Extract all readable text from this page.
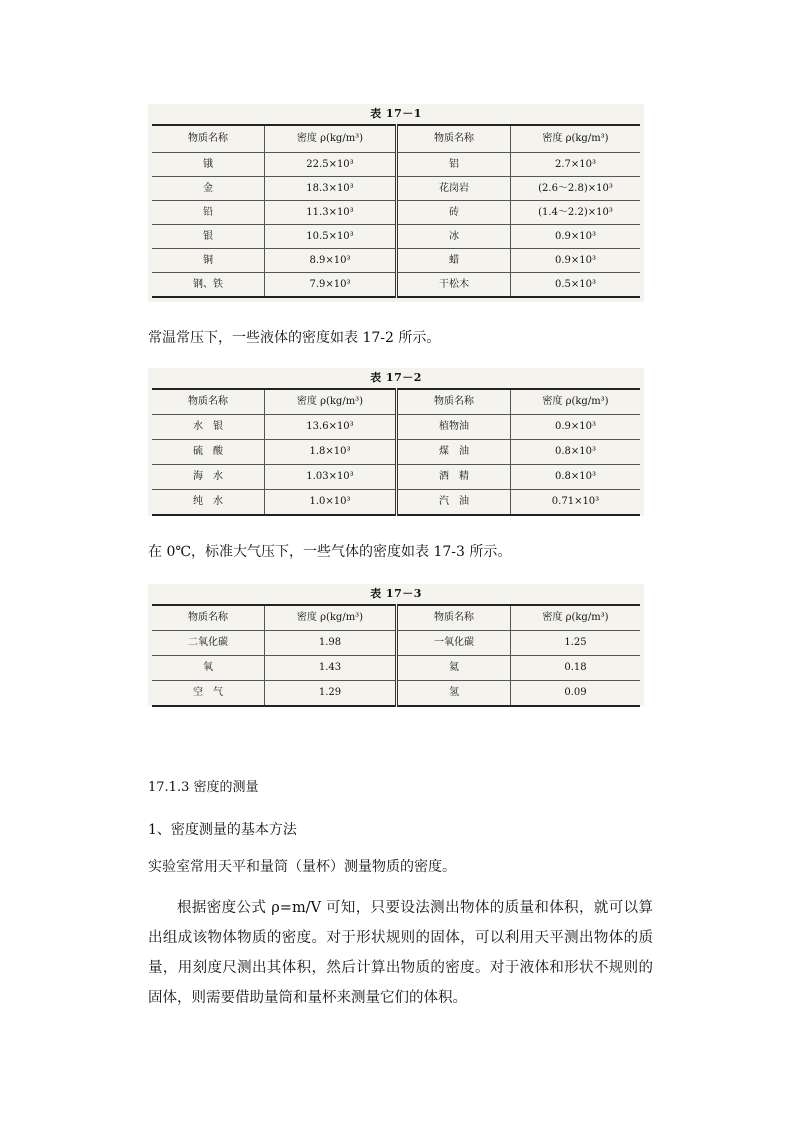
表 17－1
物质名称	密度 ρ(kg/m³)	物质名称	密度 ρ(kg/m³)
锇	22.5×10³	铝	2.7×10³
金	18.3×10³	花岗岩	(2.6～2.8)×10³
铅	11.3×10³	砖	(1.4～2.2)×10³
银	10.5×10³	冰	0.9×10³
铜	8.9×10³	蜡	0.9×10³
钢、铁	7.9×10³	干松木	0.5×10³
常温常压下，一些液体的密度如表 17-2 所示。
表 17－2
物质名称	密度 ρ(kg/m³)	物质名称	密度 ρ(kg/m³)
水　银	13.6×10³	植物油	0.9×10³
硫　酸	1.8×10³	煤　油	0.8×10³
海　水	1.03×10³	酒　精	0.8×10³
纯　水	1.0×10³	汽　油	0.71×10³
在 0℃，标准大气压下，一些气体的密度如表 17-3 所示。
表 17－3
物质名称	密度 ρ(kg/m³)	物质名称	密度 ρ(kg/m³)
二氧化碳	1.98	一氧化碳	1.25
氧	1.43	氦	0.18
空　气	1.29	氢	0.09
17.1.3 密度的测量
1、密度测量的基本方法
实验室常用天平和量筒（量杯）测量物质的密度。
根据密度公式 ρ=m/V 可知，只要设法测出物体的质量和体积，就可以算出组成该物体物质的密度。对于形状规则的固体，可以利用天平测出物体的质量，用刻度尺测出其体积，然后计算出物质的密度。对于液体和形状不规则的固体，则需要借助量筒和量杯来测量它们的体积。
